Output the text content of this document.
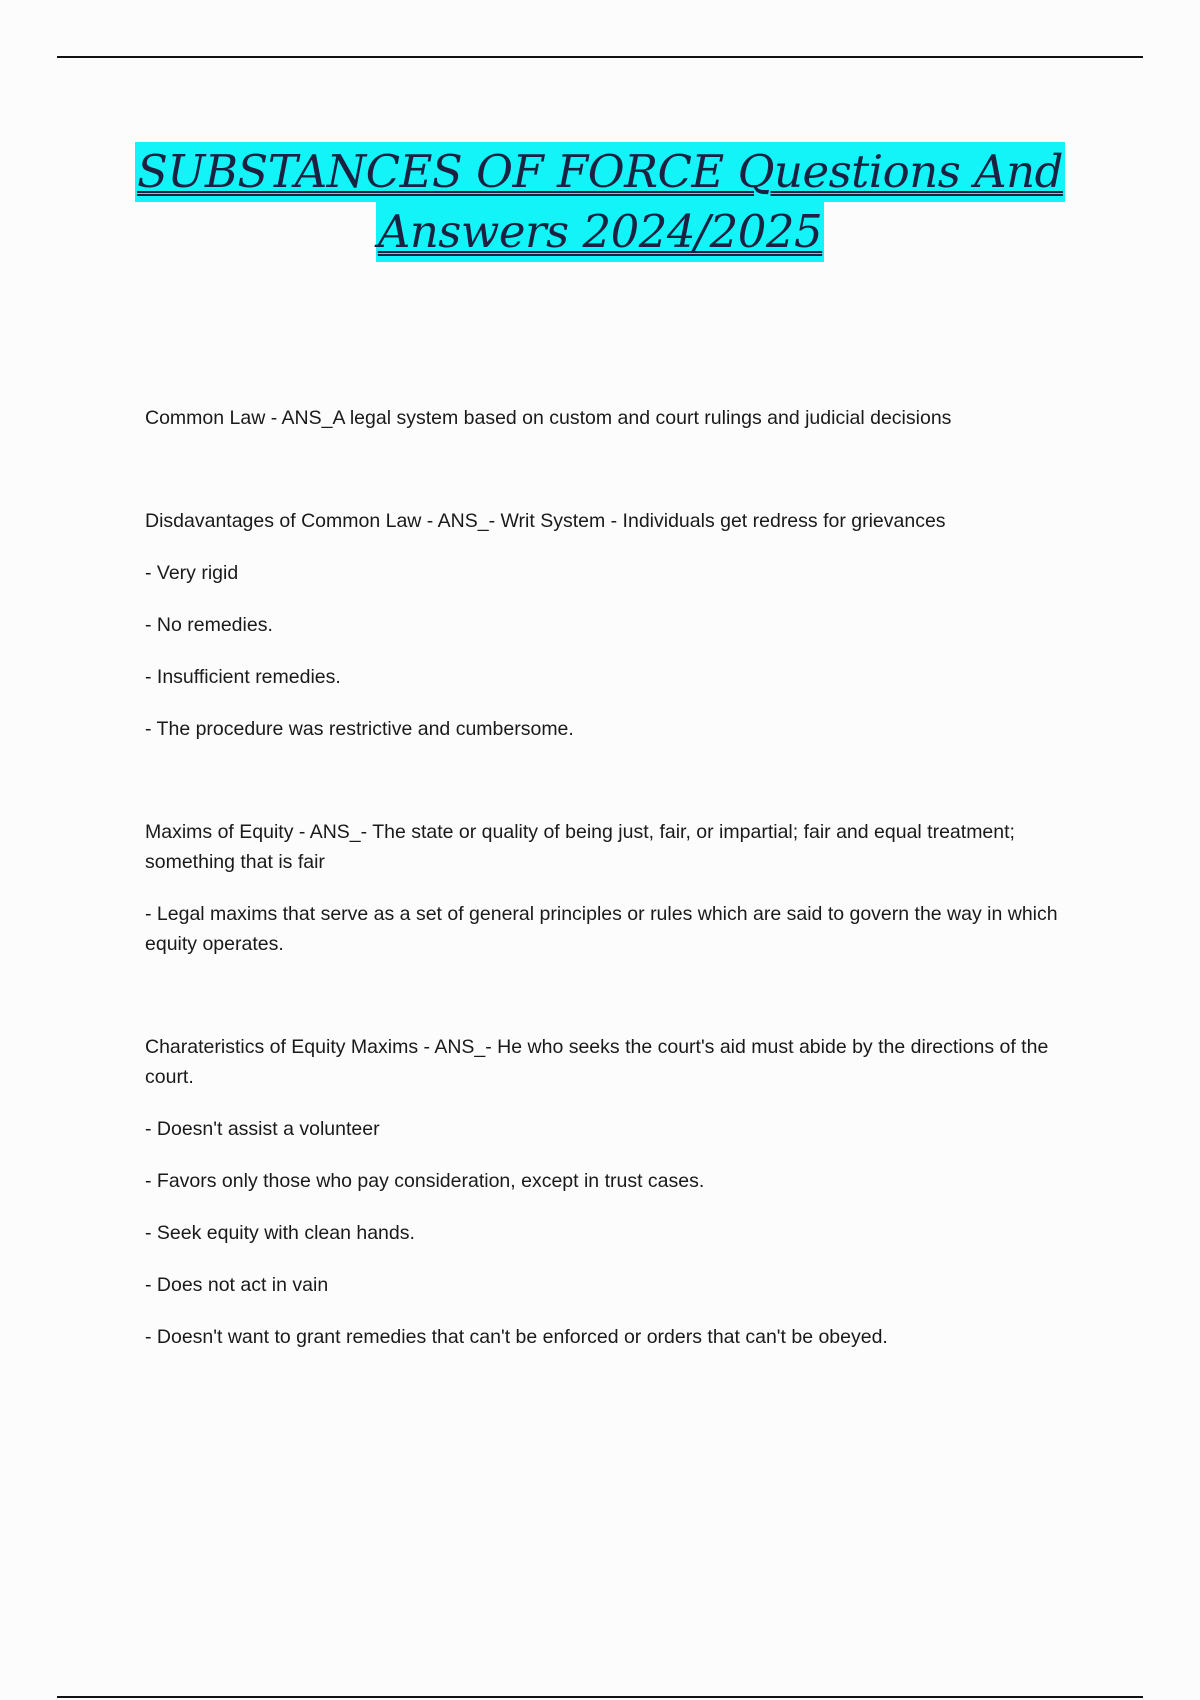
SUBSTANCES OF FORCE Questions And
Answers 2024/2025

Common Law - ANS_A legal system based on custom and court rulings and judicial decisions

Disdavantages of Common Law - ANS_- Writ System - Individuals get redress for grievances

- Very rigid

- No remedies.

- Insufficient remedies.

- The procedure was restrictive and cumbersome.

Maxims of Equity - ANS_- The state or quality of being just, fair, or impartial; fair and equal treatment; something that is fair

- Legal maxims that serve as a set of general principles or rules which are said to govern the way in which equity operates.

Charateristics of Equity Maxims - ANS_- He who seeks the court's aid must abide by the directions of the court.

- Doesn't assist a volunteer

- Favors only those who pay consideration, except in trust cases.

- Seek equity with clean hands.

- Does not act in vain

- Doesn't want to grant remedies that can't be enforced or orders that can't be obeyed.
